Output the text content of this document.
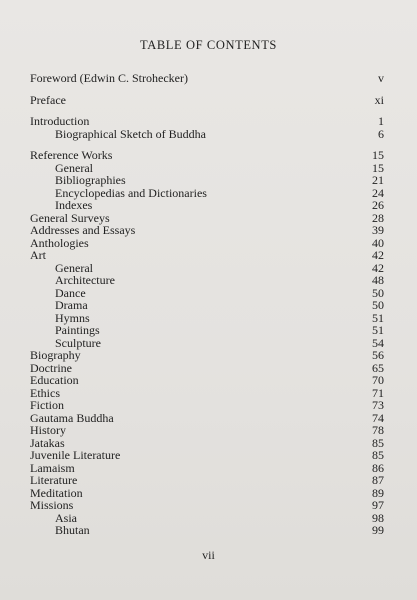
TABLE OF CONTENTS
Foreword (Edwin C. Strohecker)	v
Preface	xi
Introduction	1
Biographical Sketch of Buddha	6
Reference Works	15
General	15
Bibliographies	21
Encyclopedias and Dictionaries	24
Indexes	26
General Surveys	28
Addresses and Essays	39
Anthologies	40
Art	42
General	42
Architecture	48
Dance	50
Drama	50
Hymns	51
Paintings	51
Sculpture	54
Biography	56
Doctrine	65
Education	70
Ethics	71
Fiction	73
Gautama Buddha	74
History	78
Jatakas	85
Juvenile Literature	85
Lamaism	86
Literature	87
Meditation	89
Missions	97
Asia	98
Bhutan	99
vii
